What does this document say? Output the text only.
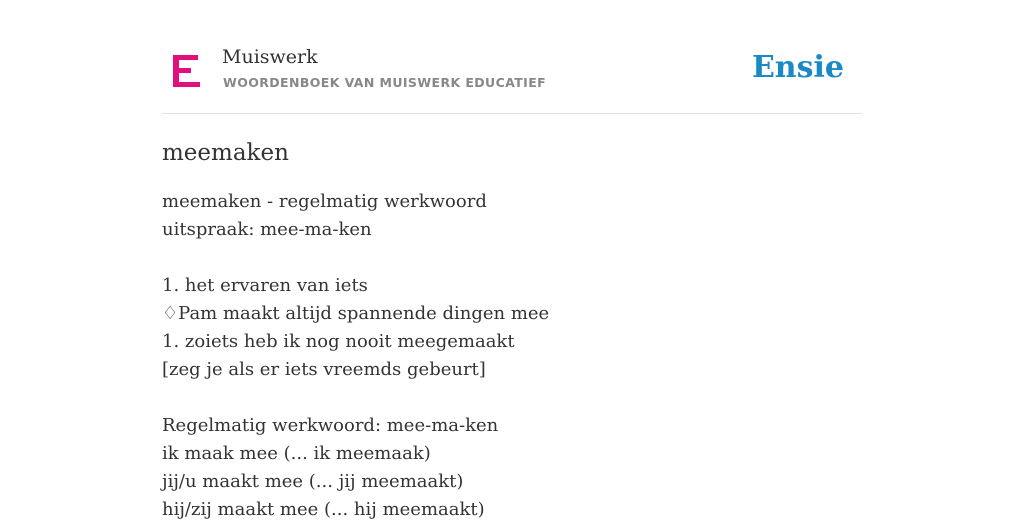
Muiswerk
WOORDENBOEK VAN MUISWERK EDUCATIEF	Ensie
meemaken
meemaken - regelmatig werkwoord
uitspraak: mee-ma-ken
1. het ervaren van iets
♢Pam maakt altijd spannende dingen mee
1. zoiets heb ik nog nooit meegemaakt
[zeg je als er iets vreemds gebeurt]
Regelmatig werkwoord: mee-ma-ken
ik maak mee (... ik meemaak)
jij/u maakt mee (... jij meemaakt)
hij/zij maakt mee (... hij meemaakt)
